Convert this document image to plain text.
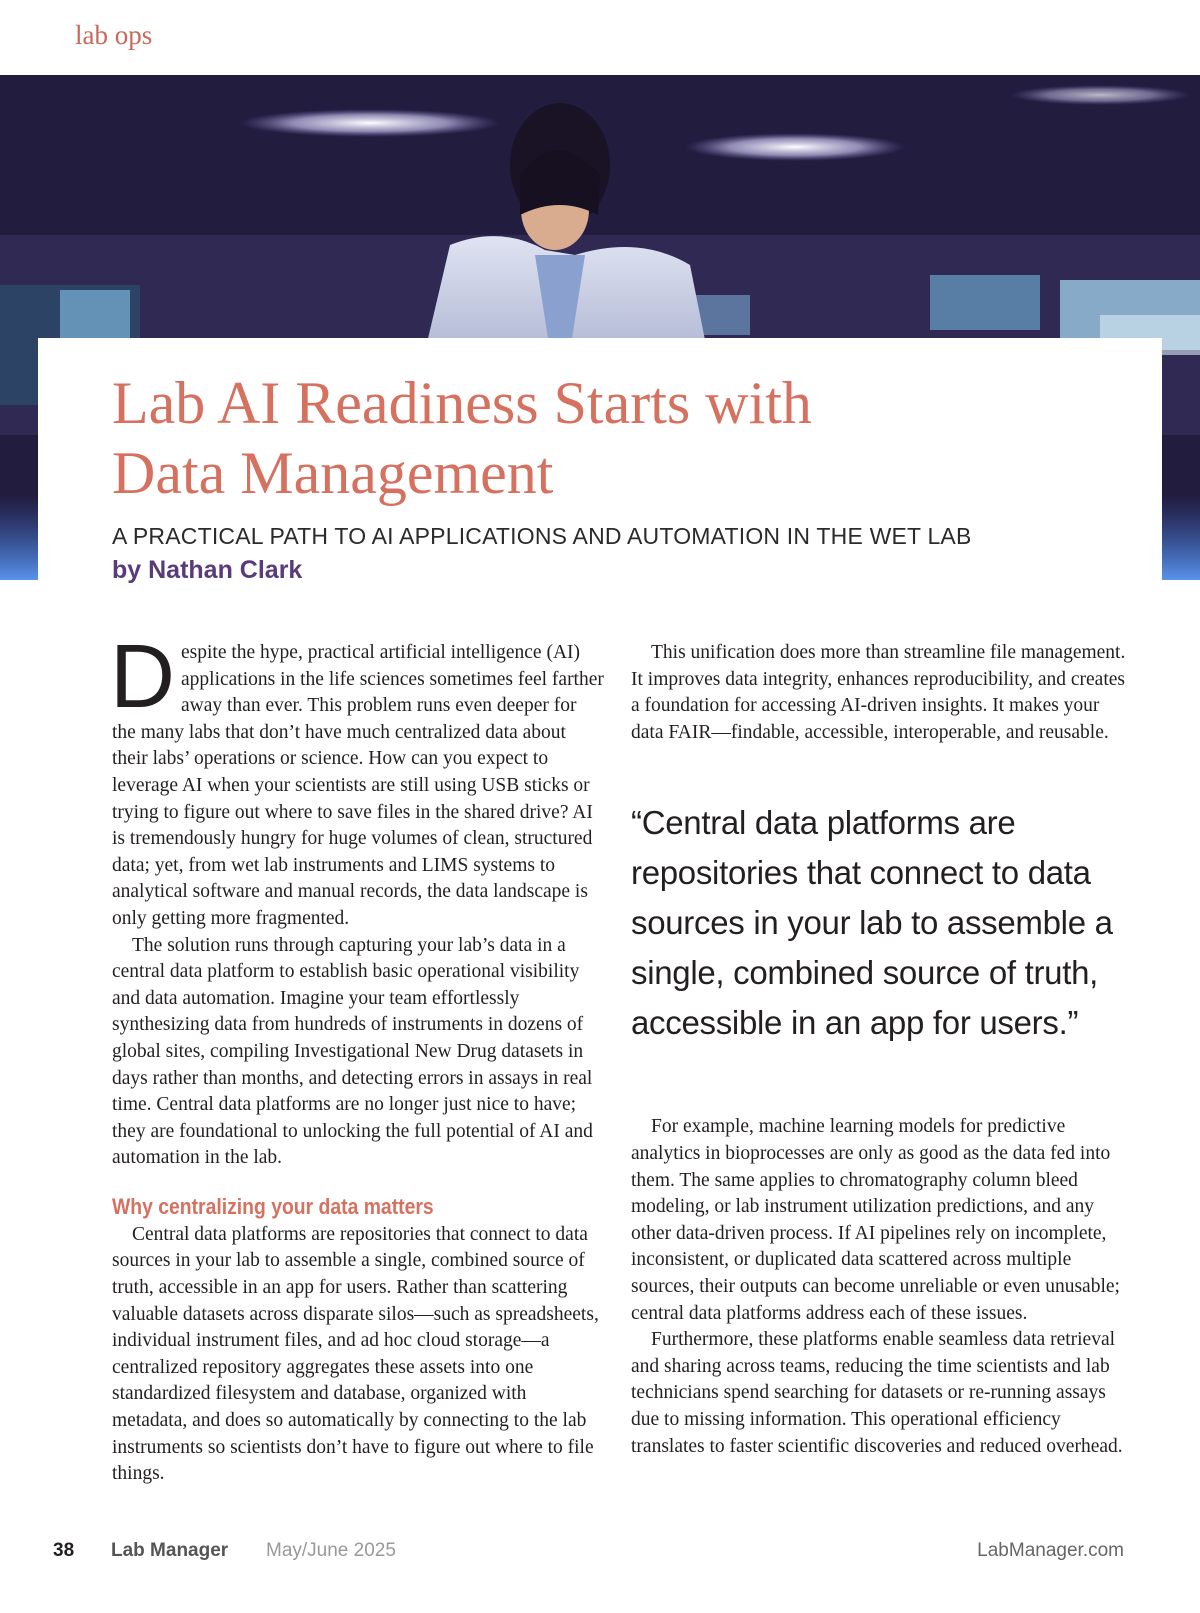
lab ops
Lab AI Readiness Starts with
Data Management

A PRACTICAL PATH TO AI APPLICATIONS AND AUTOMATION IN THE WET LAB

by Nathan Clark

Despite the hype, practical artificial intelligence (AI) applications in the life sciences sometimes feel farther away than ever. This problem runs even deeper for the many labs that don’t have much centralized data about their labs’ operations or science. How can you expect to leverage AI when your scientists are still using USB sticks or trying to figure out where to save files in the shared drive? AI is tremendously hungry for huge volumes of clean, structured data; yet, from wet lab instruments and LIMS systems to analytical software and manual records, the data landscape is only getting more fragmented.

The solution runs through capturing your lab’s data in a central data platform to establish basic operational visibility and data automation. Imagine your team effortlessly synthesizing data from hundreds of instruments in dozens of global sites, compiling Investigational New Drug datasets in days rather than months, and detecting errors in assays in real time. Central data platforms are no longer just nice to have; they are foundational to unlocking the full potential of AI and automation in the lab.

Why centralizing your data matters

Central data platforms are repositories that connect to data sources in your lab to assemble a single, combined source of truth, accessible in an app for users. Rather than scattering valuable datasets across disparate silos—such as spreadsheets, individual instrument files, and ad hoc cloud storage—a centralized repository aggregates these assets into one standardized filesystem and database, organized with metadata, and does so automatically by connecting to the lab instruments so scientists don’t have to figure out where to file things.

This unification does more than streamline file management. It improves data integrity, enhances reproducibility, and creates a foundation for accessing AI-driven insights. It makes your data FAIR—findable, accessible, interoperable, and reusable.

“Central data platforms are repositories that connect to data sources in your lab to assemble a single, combined source of truth, accessible in an app for users.”

For example, machine learning models for predictive analytics in bioprocesses are only as good as the data fed into them. The same applies to chromatography column bleed modeling, or lab instrument utilization predictions, and any other data-driven process. If AI pipelines rely on incomplete, inconsistent, or duplicated data scattered across multiple sources, their outputs can become unreliable or even unusable; central data platforms address each of these issues.

Furthermore, these platforms enable seamless data retrieval and sharing across teams, reducing the time scientists and lab technicians spend searching for datasets or re-running assays due to missing information. This operational efficiency translates to faster scientific discoveries and reduced overhead.

38 Lab Manager May/June 2025	LabManager.com
